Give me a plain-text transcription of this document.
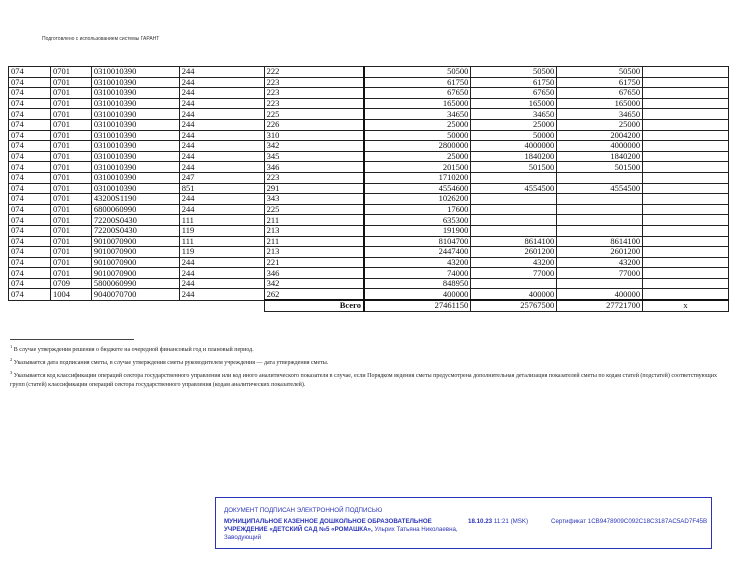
Подготовлено с использованием системы ГАРАНТ
074	0701	0310010390	244	222	50500	50500	50500	
074	0701	0310010390	244	223	61750	61750	61750	
074	0701	0310010390	244	223	67650	67650	67650	
074	0701	0310010390	244	223	165000	165000	165000	
074	0701	0310010390	244	225	34650	34650	34650	
074	0701	0310010390	244	226	25000	25000	25000	
074	0701	0310010390	244	310	50000	50000	2004200	
074	0701	0310010390	244	342	2800000	4000000	4000000	
074	0701	0310010390	244	345	25000	1840200	1840200	
074	0701	0310010390	244	346	201500	501500	501500	
074	0701	0310010390	247	223	1710200			
074	0701	0310010390	851	291	4554600	4554500	4554500	
074	0701	43200S1190	244	343	1026200			
074	0701	6800060990	244	225	17600			
074	0701	72200S0430	111	211	635300			
074	0701	72200S0430	119	213	191900			
074	0701	9010070900	111	211	8104700	8614100	8614100	
074	0701	9010070900	119	213	2447400	2601200	2601200	
074	0701	9010070900	244	221	43200	43200	43200	
074	0701	9010070900	244	346	74000	77000	77000	
074	0709	5800060990	244	342	848950			
074	1004	9040070700	244	262	400000	400000	400000	
				Всего	27461150	25767500	27721700	x

$^1$ В случае утверждения решения о бюджете на очередной финансовый год и плановый период.

$^2$ Указывается дата подписания сметы, в случае утверждения сметы руководителем учреждения — дата утверждения сметы.

$^3$ Указывается код классификации операций сектора государственного управления или код иного аналитического показателя в случае, если Порядком ведения сметы предусмотрена дополнительная детализация показателей сметы по кодам статей (подстатей) соответствующих групп (статей) классификации операций сектора государственного управления (кодам аналитических показателей).

ДОКУМЕНТ ПОДПИСАН ЭЛЕКТРОННОЙ ПОДПИСЬЮ
МУНИЦИПАЛЬНОЕ КАЗЕННОЕ ДОШКОЛЬНОЕ ОБРАЗОВАТЕЛЬНОЕ УЧРЕЖДЕНИЕ «ДЕТСКИЙ САД №5 «РОМАШКА», Ульрих Татьяна Николаевна, Заводующий
18.10.23 11:21 (MSK)	Сертификат 1CB9478909C092C18C3187AC5AD7F45B
